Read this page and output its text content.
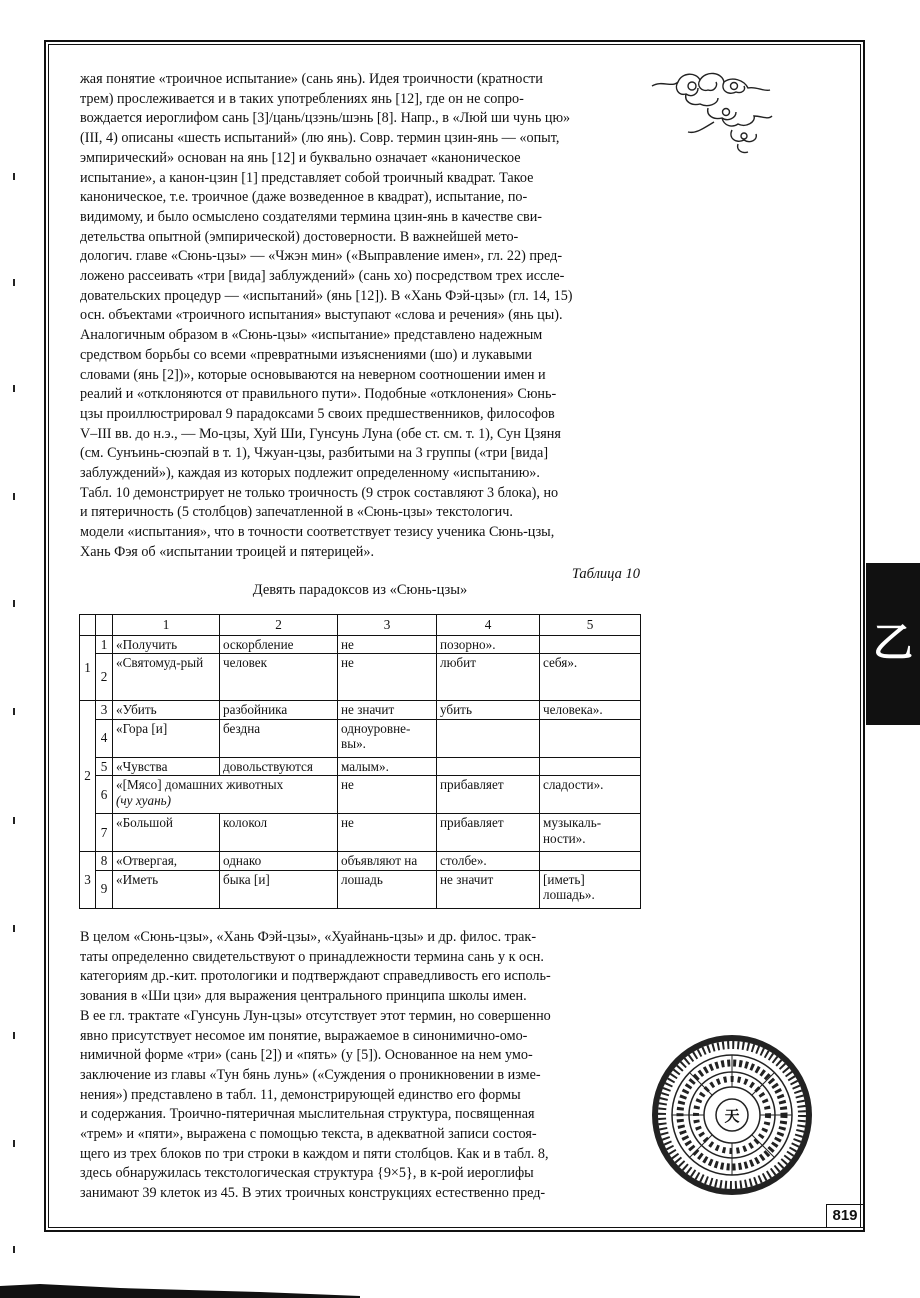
жая понятие «троичное испытание» (сань янь). Идея троичности (кратности

трем) прослеживается и в таких употреблениях янь [12], где он не сопро-

вождается иероглифом сань [3]/цань/цзэнь/шэнь [8]. Напр., в «Люй ши чунь цю»

(III, 4) описаны «шесть испытаний» (лю янь). Совр. термин цзин-янь — «опыт,

эмпирический» основан на янь [12] и буквально означает «каноническое

испытание», а канон-цзин [1] представляет собой троичный квадрат. Такое

каноническое, т.е. троичное (даже возведенное в квадрат), испытание, по-

видимому, и было осмыслено создателями термина цзин-янь в качестве сви-

детельства опытной (эмпирической) достоверности. В важнейшей мето-

дологич. главе «Сюнь-цзы» — «Чжэн мин» («Выправление имен», гл. 22) пред-

ложено рассеивать «три [вида] заблуждений» (сань хо) посредством трех иссле-

довательских процедур — «испытаний» (янь [12]). В «Хань Фэй-цзы» (гл. 14, 15)

осн. объектами «троичного испытания» выступают «слова и речения» (янь цы).

Аналогичным образом в «Сюнь-цзы» «испытание» представлено надежным

средством борьбы со всеми «превратными изъяснениями (шо) и лукавыми

словами (янь [2])», которые основываются на неверном соотношении имен и

реалий и «отклоняются от правильного пути». Подобные «отклонения» Сюнь-

цзы проиллюстрировал 9 парадоксами 5 своих предшественников, философов

V–III вв. до н.э., — Мо-цзы, Хуй Ши, Гунсунь Луна (обе ст. см. т. 1), Сун Цзяня

(см. Сунъинь-сюэпай в т. 1), Чжуан-цзы, разбитыми на 3 группы («три [вида]

заблуждений»), каждая из которых подлежит определенному «испытанию».

Табл. 10 демонстрирует не только троичность (9 строк составляют 3 блока), но

и пятеричность (5 столбцов) запечатленной в «Сюнь-цзы» текстологич.

модели «испытания», что в точности соответствует тезису ученика Сюнь-цзы,

Хань Фэя об «испытании троицей и пятерицей».

Таблица 10
Девять парадоксов из «Сюнь-цзы»
		1	2	3	4	5
1	1	«Получить	оскорбление	не	позорно».	
	2	«Святомуд-рый	человек	не	любит	себя».
2	3	«Убить	разбойника	не значит	убить	человека».
	4	«Гора [и]	бездна	одноуровне-вы».		
	5	«Чувства	довольствуются	малым».		
	6	«[Мясо] домашних животных
(чу хуань)		не	прибавляет	сладости».
	7	«Большой	колокол	не	прибавляет	музыкаль-ности».
3	8	«Отвергая,	однако	объявляют на	столбе».	
	9	«Иметь	быка [и]	лошадь	не значит	[иметь] лошадь».

В целом «Сюнь-цзы», «Хань Фэй-цзы», «Хуайнань-цзы» и др. филос. трак-

таты определенно свидетельствуют о принадлежности термина сань у к осн.

категориям др.-кит. протологики и подтверждают справедливость его исполь-

зования в «Ши цзи» для выражения центрального принципа школы имен.

В ее гл. трактате «Гунсунь Лун-цзы» отсутствует этот термин, но совершенно

явно присутствует несомое им понятие, выражаемое в синонимично-омо-

нимичной форме «три» (сань [2]) и «пять» (у [5]). Основанное на нем умо-

заключение из главы «Тун бянь лунь» («Суждения о проникновении в изме-

нения») представлено в табл. 11, демонстрирующей единство его формы

и содержания. Троично-пятеричная мыслительная структура, посвященная

«трем» и «пяти», выражена с помощью текста, в адекватной записи состоя-

щего из трех блоков по три строки в каждом и пяти столбцов. Как и в табл. 8,

здесь обнаружилась текстологическая структура {9×5}, в к-рой иероглифы

занимают 39 клеток из 45. В этих троичных конструкциях естественно пред-

天
乙
819
